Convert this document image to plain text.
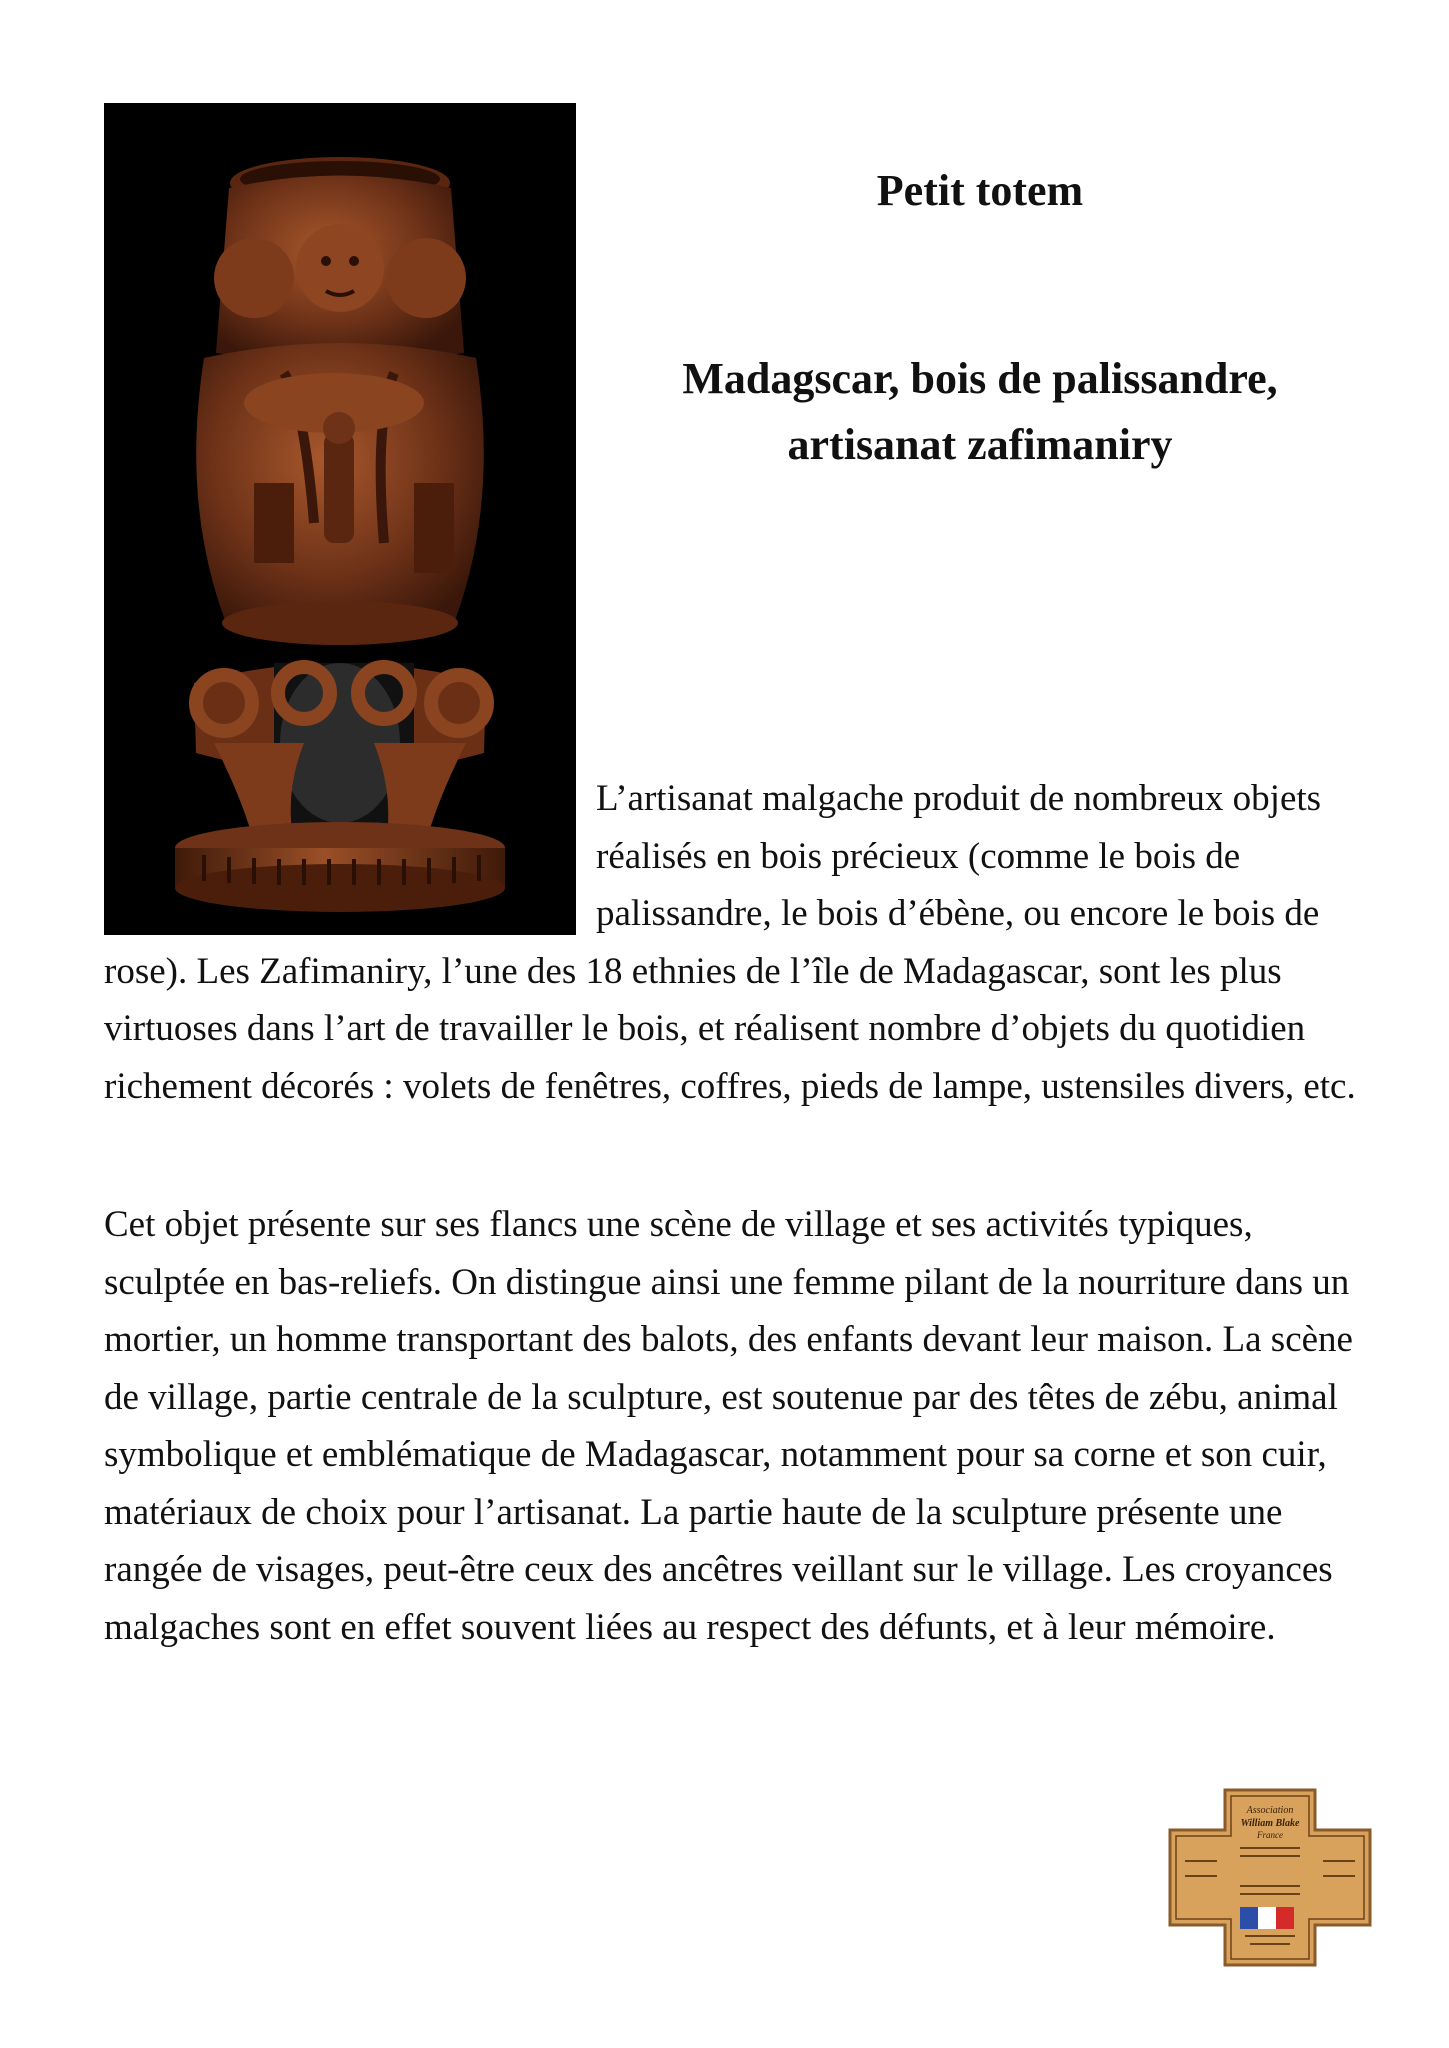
Petit totem
Madagscar, bois de palissandre,
artisanat zafimaniry
L’artisanat malgache produit de nombreux objets réalisés en bois précieux (comme le bois de palissandre, le bois d’ébène, ou encore le bois de rose). Les Zafimaniry, l’une des 18 ethnies de l’île de Madagascar, sont les plus virtuoses dans l’art de travailler le bois, et réalisent nombre d’objets du quotidien richement décorés : volets de fenêtres, coffres, pieds de lampe, ustensiles divers, etc.

Cet objet présente sur ses flancs une scène de village et ses activités typiques, sculptée en bas-reliefs. On distingue ainsi une femme pilant de la nourriture dans un mortier, un homme transportant des balots, des enfants devant leur maison. La scène de village, partie centrale de la sculpture, est soutenue par des têtes de zébu, animal symbolique et emblématique de Madagascar, notamment pour sa corne et son cuir, matériaux de choix pour l’artisanat. La partie haute de la sculpture présente une rangée de visages, peut-être ceux des ancêtres veillant sur le village. Les croyances malgaches sont en effet souvent liées au respect des défunts, et à leur mémoire.

Association
William Blake
France
